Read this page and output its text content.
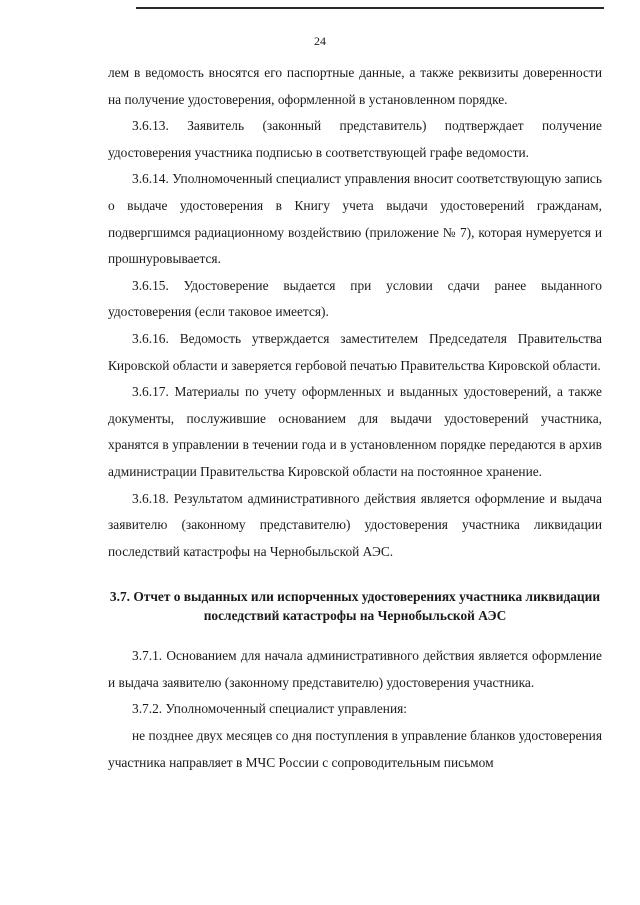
24

лем в ведомость вносятся его паспортные данные, а также реквизиты доверенности на получение удостоверения, оформленной в установленном порядке.

3.6.13. Заявитель (законный представитель) подтверждает получение удостоверения участника подписью в соответствующей графе ведомости.

3.6.14. Уполномоченный специалист управления вносит соответствующую запись о выдаче удостоверения в Книгу учета выдачи удостоверений гражданам, подвергшимся радиационному воздействию (приложение № 7), которая нумеруется и прошнуровывается.

3.6.15. Удостоверение выдается при условии сдачи ранее выданного удостоверения (если таковое имеется).

3.6.16. Ведомость утверждается заместителем Председателя Правительства Кировской области и заверяется гербовой печатью Правительства Кировской области.

3.6.17. Материалы по учету оформленных и выданных удостоверений, а также документы, послужившие основанием для выдачи удостоверений участника, хранятся в управлении в течении года и в установленном порядке передаются в архив администрации Правительства Кировской области на постоянное хранение.

3.6.18. Результатом административного действия является оформление и выдача заявителю (законному представителю) удостоверения участника ликвидации последствий катастрофы на Чернобыльской АЭС.

3.7. Отчет о выданных или испорченных удостоверениях участника ликвидации последствий катастрофы на Чернобыльской АЭС

3.7.1. Основанием для начала административного действия является оформление и выдача заявителю (законному представителю) удостоверения участника.

3.7.2. Уполномоченный специалист управления:

не позднее двух месяцев со дня поступления в управление бланков удостоверения участника направляет в МЧС России с сопроводительным письмом
